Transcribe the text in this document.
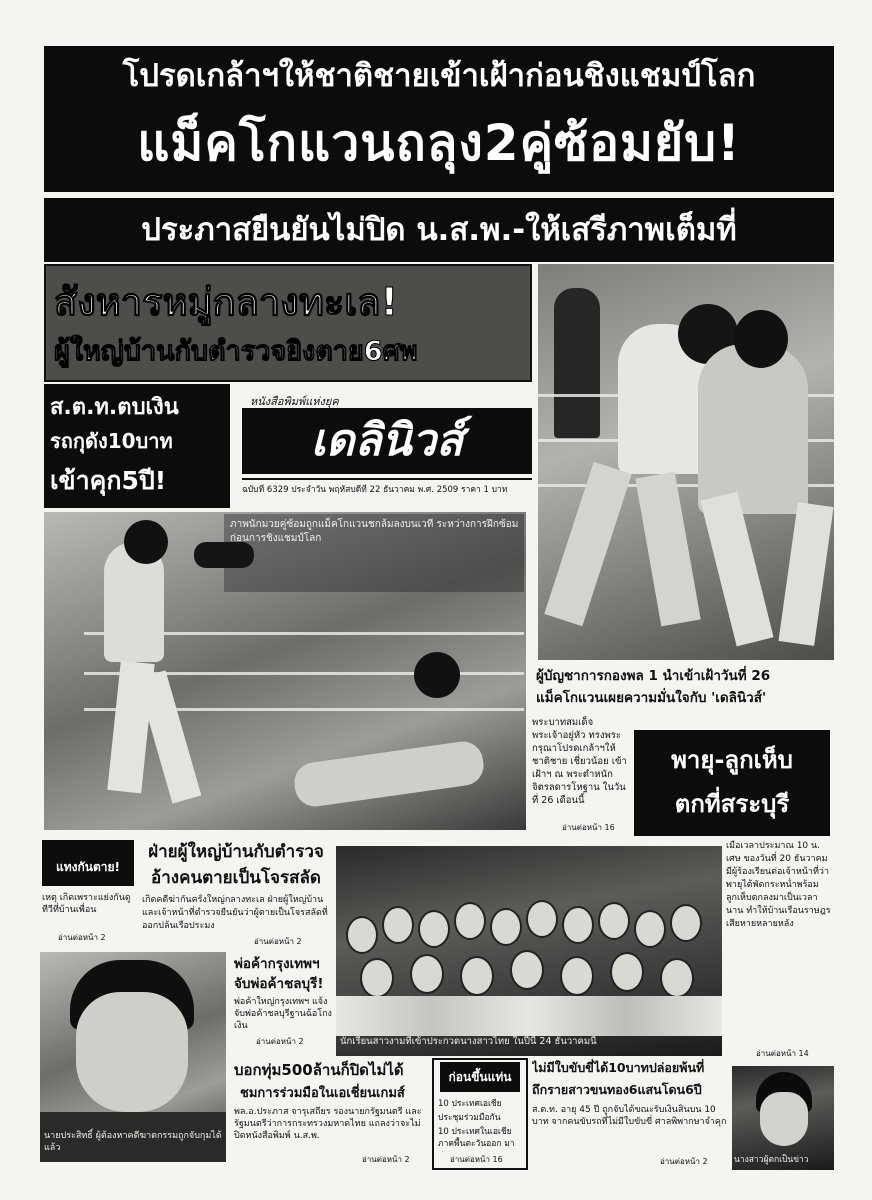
โปรดเกล้าฯให้ชาติชายเข้าเฝ้าก่อนชิงแชมป์โลก
แม็คโกแวนถลุง2คู่ซ้อมยับ!
ประภาสยืนยันไม่ปิด น.ส.พ.-ให้เสรีภาพเต็มที่
สังหารหมู่กลางทะเล!
ผู้ใหญ่บ้านกับตำรวจยิงตาย6ศพ
ส.ต.ท.ตบเงิน
รถกุดัง10บาท
เข้าคุก5ปี!
หนังสือพิมพ์แห่งยุค
เดลินิวส์
ฉบับที่ 6329 ประจำวัน พฤหัสบดีที่ 22 ธันวาคม พ.ศ. 2509 ราคา 1 บาท
ภาพนักมวยคู่ซ้อมถูกแม็คโกแวนชกล้มลงบนเวที ระหว่างการฝึกซ้อมก่อนการชิงแชมป์โลก
ผู้บัญชาการกองพล 1 นำเข้าเฝ้าวันที่ 26
แม็คโกแวนเผยความมั่นใจกับ 'เดลินิวส์'
พระบาทสมเด็จพระเจ้าอยู่หัว ทรงพระกรุณาโปรดเกล้าฯให้ ชาติชาย เชี่ยวน้อย เข้าเฝ้าฯ ณ พระตำหนักจิตรลดารโหฐาน ในวันที่ 26 เดือนนี้
อ่านต่อหน้า 16
พายุ-ลูกเห็บ
ตกที่สระบุรี
แทงกันตาย!
เหตุ เกิดเพราะแย่งกันดูทีวีที่บ้านเพื่อน
อ่านต่อหน้า 2
ฝ่ายผู้ใหญ่บ้านกับตำรวจ
อ้างคนตายเป็นโจรสลัด
เกิดคดีฆ่ากันครั้งใหญ่กลางทะเล ฝ่ายผู้ใหญ่บ้านและเจ้าหน้าที่ตำรวจยืนยันว่าผู้ตายเป็นโจรสลัดที่ออกปล้นเรือประมง
อ่านต่อหน้า 2
นักเรียนสาวงามที่เข้าประกวดนางสาวไทย ในปีนี้ 24 ธันวาคมนี้
เมื่อเวลาประมาณ 10 น. เศษ ของวันที่ 20 ธันวาคม มีผู้ร้องเรียนต่อเจ้าหน้าที่ว่า พายุได้พัดกระหน่ำพร้อมลูกเห็บตกลงมาเป็นเวลานาน ทำให้บ้านเรือนราษฎรเสียหายหลายหลัง
อ่านต่อหน้า 14
นายประสิทธิ์ ผู้ต้องหาคดีฆาตกรรมถูกจับกุมได้แล้ว
พ่อค้ากรุงเทพฯ
จับพ่อค้าชลบุรี!
พ่อค้าใหญ่กรุงเทพฯ แจ้งจับพ่อค้าชลบุรีฐานฉ้อโกงเงิน
อ่านต่อหน้า 2
บอกทุ่ม500ล้านก็ปิดไม่ได้
ชมการร่วมมือในเอเชี่ยนเกมส์
พล.อ.ประภาส จารุเสถียร รองนายกรัฐมนตรี และรัฐมนตรีว่าการกระทรวงมหาดไทย แถลงว่าจะไม่ปิดหนังสือพิมพ์ น.ส.พ.
อ่านต่อหน้า 2
ก่อนขึ้นแท่น
10 ประเทศเอเชีย
ประชุมร่วมมือกัน
10 ประเทศในเอเชีย ภาคพื้นตะวันออก มา
อ่านต่อหน้า 16
ไม่มีใบขับขี่ได้10บาทปล่อยพ้นที่
ถึกรายสาวขนทอง6แสนโดน6ปี
ส.ต.ท. อายุ 45 ปี ถูกจับได้ขณะรับเงินสินบน 10 บาท จากคนขับรถที่ไม่มีใบขับขี่ ศาลพิพากษาจำคุก
อ่านต่อหน้า 2	นางสาวผู้ตกเป็นข่าว
